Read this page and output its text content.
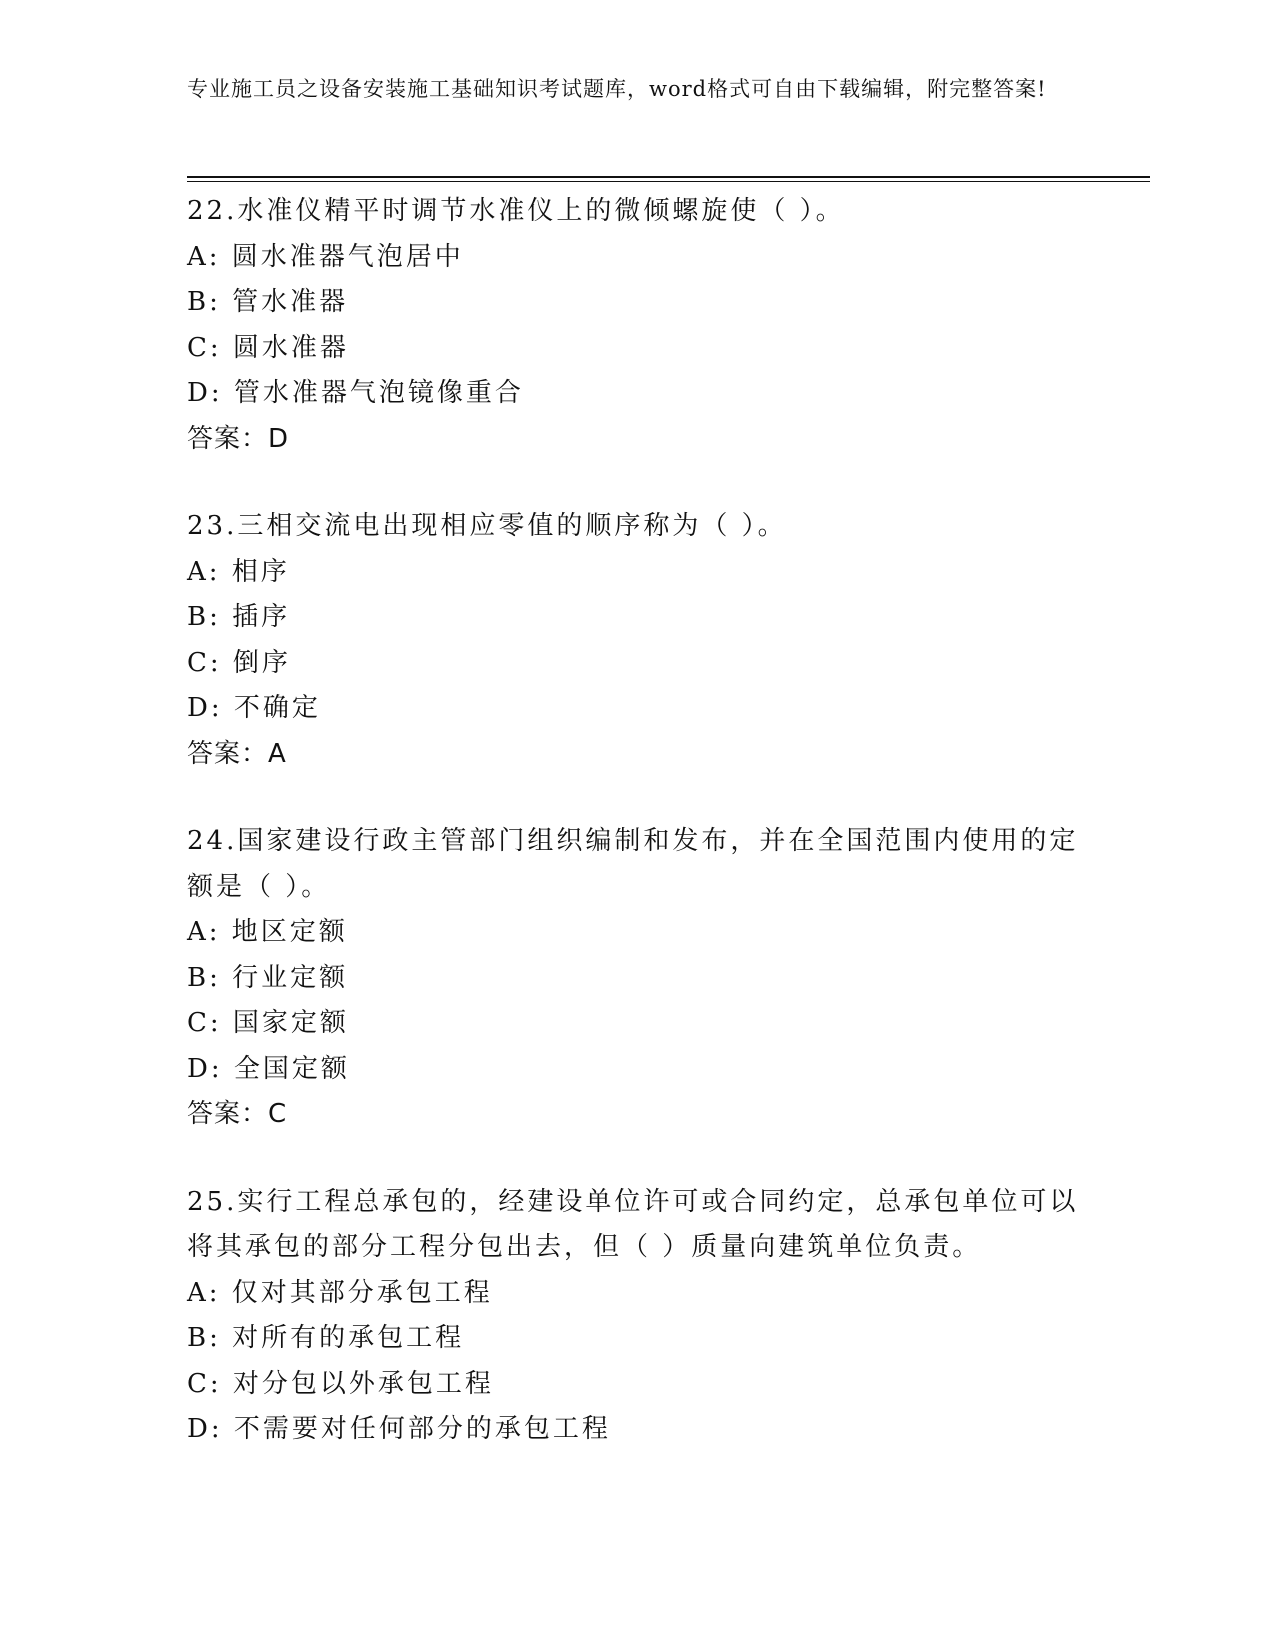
专业施工员之设备安装施工基础知识考试题库，word格式可自由下载编辑，附完整答案!

22.水准仪精平时调节水准仪上的微倾螺旋使（ ）。

A: 圆水准器气泡居中

B: 管水准器

C: 圆水准器

D: 管水准器气泡镜像重合

答案：D

23.三相交流电出现相应零值的顺序称为（ ）。

A: 相序

B: 插序

C: 倒序

D: 不确定

答案：A

24.国家建设行政主管部门组织编制和发布，并在全国范围内使用的定额是（ ）。

A: 地区定额

B: 行业定额

C: 国家定额

D: 全国定额

答案：C

25.实行工程总承包的，经建设单位许可或合同约定，总承包单位可以将其承包的部分工程分包出去，但（ ）质量向建筑单位负责。

A: 仅对其部分承包工程

B: 对所有的承包工程

C: 对分包以外承包工程

D: 不需要对任何部分的承包工程
